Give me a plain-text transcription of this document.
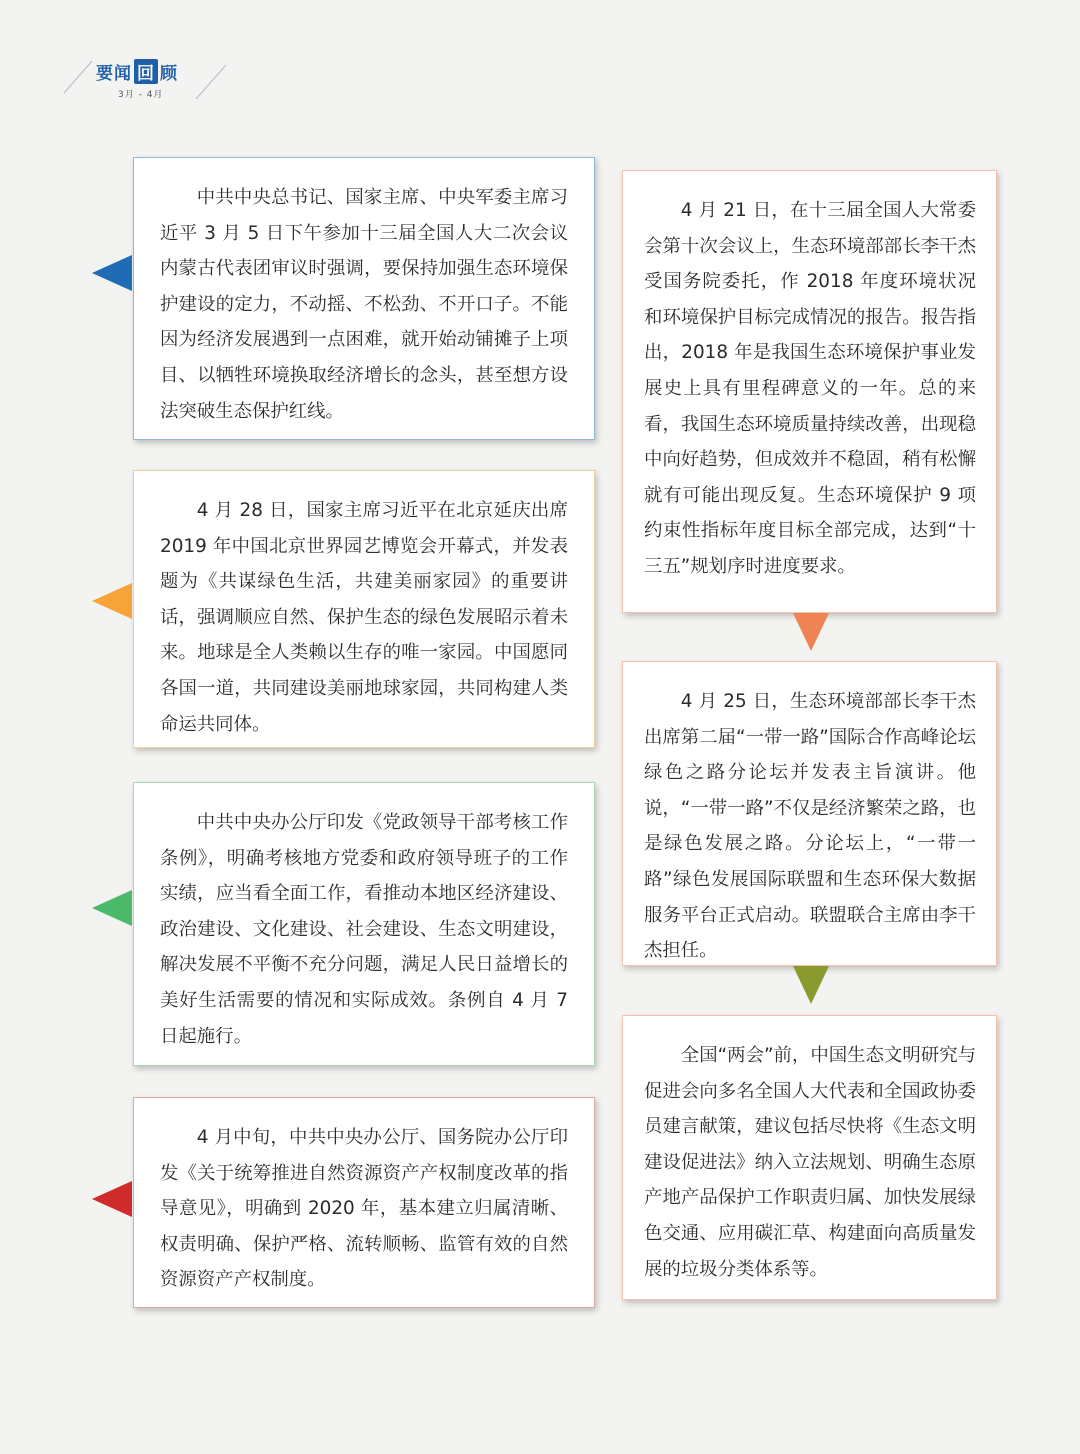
要闻 回 顾
3月 - 4月

中共中央总书记、国家主席、中央军委主席习近平 3 月 5 日下午参加十三届全国人大二次会议内蒙古代表团审议时强调，要保持加强生态环境保护建设的定力，不动摇、不松劲、不开口子。不能因为经济发展遇到一点困难，就开始动铺摊子上项目、以牺牲环境换取经济增长的念头，甚至想方设法突破生态保护红线。

4 月 28 日，国家主席习近平在北京延庆出席 2019 年中国北京世界园艺博览会开幕式，并发表题为《共谋绿色生活，共建美丽家园》的重要讲话，强调顺应自然、保护生态的绿色发展昭示着未来。地球是全人类赖以生存的唯一家园。中国愿同各国一道，共同建设美丽地球家园，共同构建人类命运共同体。

中共中央办公厅印发《党政领导干部考核工作条例》，明确考核地方党委和政府领导班子的工作实绩，应当看全面工作，看推动本地区经济建设、政治建设、文化建设、社会建设、生态文明建设，解决发展不平衡不充分问题，满足人民日益增长的美好生活需要的情况和实际成效。条例自 4 月 7 日起施行。

4 月中旬，中共中央办公厅、国务院办公厅印发《关于统筹推进自然资源资产产权制度改革的指导意见》，明确到 2020 年，基本建立归属清晰、权责明确、保护严格、流转顺畅、监管有效的自然资源资产产权制度。

4 月 21 日，在十三届全国人大常委会第十次会议上，生态环境部部长李干杰受国务院委托，作 2018 年度环境状况和环境保护目标完成情况的报告。报告指出，2018 年是我国生态环境保护事业发展史上具有里程碑意义的一年。总的来看，我国生态环境质量持续改善，出现稳中向好趋势，但成效并不稳固，稍有松懈就有可能出现反复。生态环境保护 9 项约束性指标年度目标全部完成，达到“十三五”规划序时进度要求。

4 月 25 日，生态环境部部长李干杰出席第二届“一带一路”国际合作高峰论坛绿色之路分论坛并发表主旨演讲。他说，“一带一路”不仅是经济繁荣之路，也是绿色发展之路。分论坛上，“一带一路”绿色发展国际联盟和生态环保大数据服务平台正式启动。联盟联合主席由李干杰担任。

全国“两会”前，中国生态文明研究与促进会向多名全国人大代表和全国政协委员建言献策，建议包括尽快将《生态文明建设促进法》纳入立法规划、明确生态原产地产品保护工作职责归属、加快发展绿色交通、应用碳汇草、构建面向高质量发展的垃圾分类体系等。
